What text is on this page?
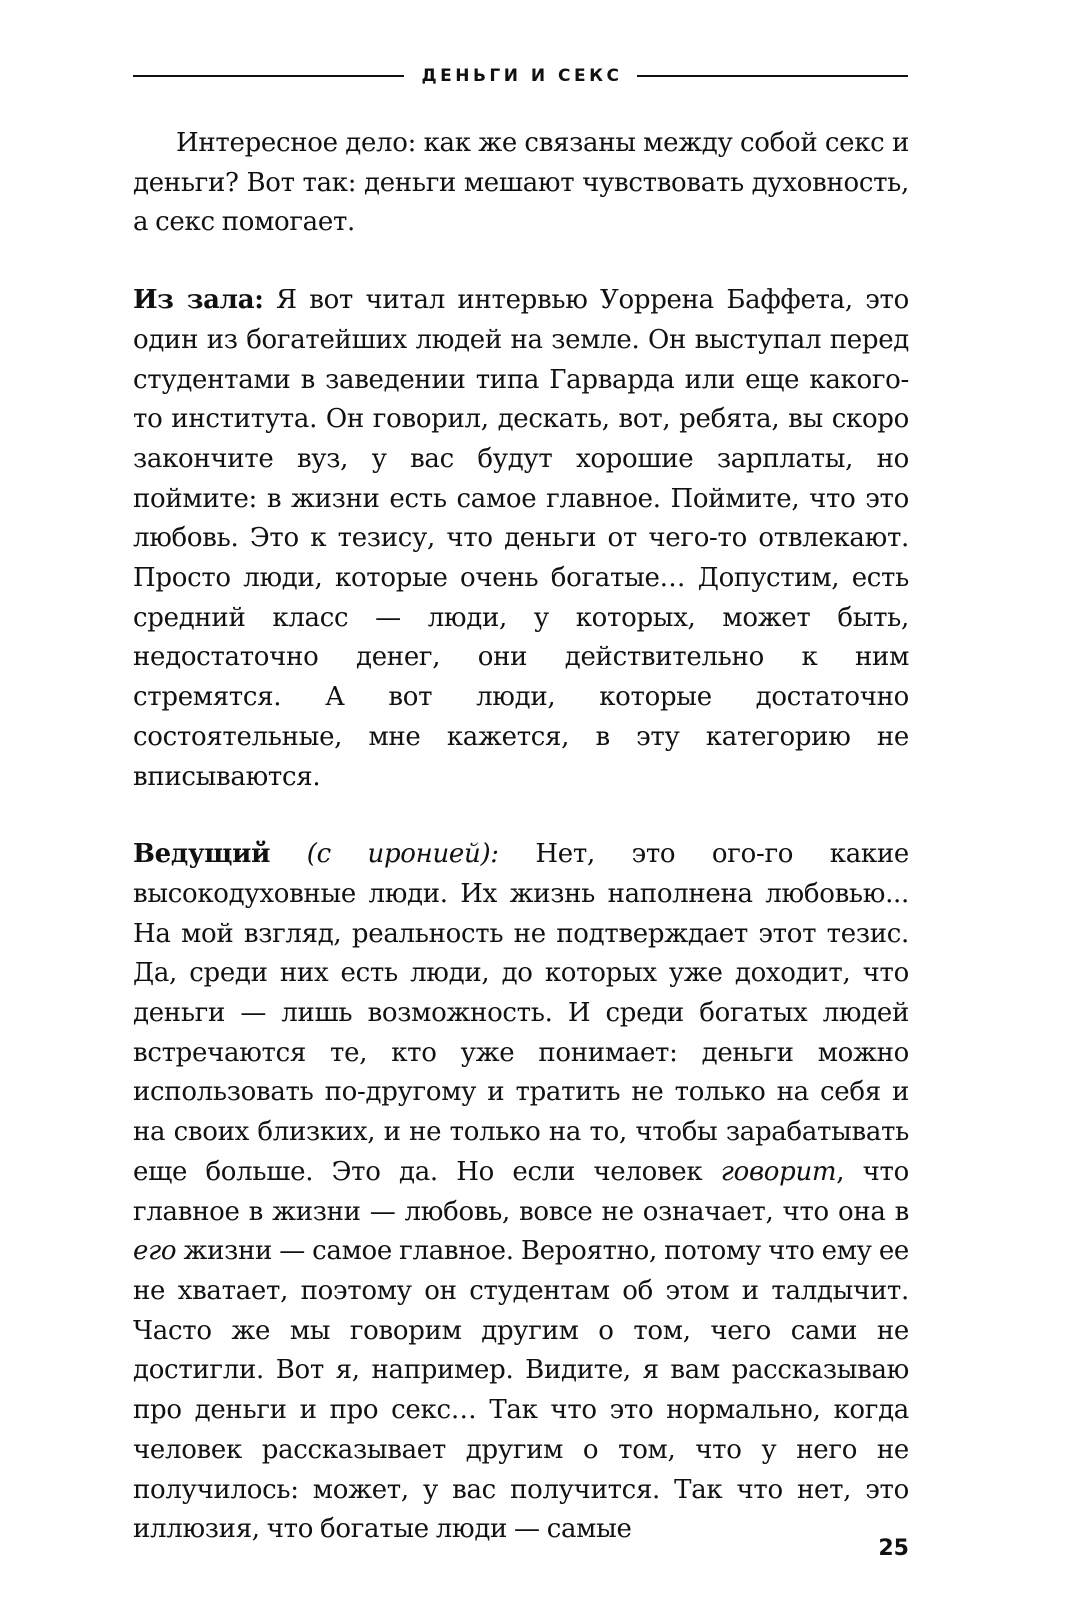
ДЕНЬГИ И СЕКС

Интересное дело: как же связаны между собой секс и деньги? Вот так: деньги мешают чувствовать духовность, а секс помогает.

Из зала: Я вот читал интервью Уоррена Баффета, это один из богатейших людей на земле. Он выступал перед студентами в заведении типа Гарварда или еще какого-то института. Он говорил, дескать, вот, ребята, вы скоро закончите вуз, у вас будут хорошие зарплаты, но поймите: в жизни есть самое главное. Поймите, что это любовь. Это к тезису, что деньги от чего-то отвлекают. Просто люди, которые очень богатые… Допустим, есть средний класс — люди, у которых, может быть, недостаточно денег, они действительно к ним стремятся. А вот люди, которые достаточно состоятельные, мне кажется, в эту категорию не вписываются.

Ведущий (с иронией): Нет, это ого-го какие высокодуховные люди. Их жизнь наполнена любовью... На мой взгляд, реальность не подтверждает этот тезис. Да, среди них есть люди, до которых уже доходит, что деньги — лишь возможность. И среди богатых людей встречаются те, кто уже понимает: деньги можно использовать по-другому и тратить не только на себя и на своих близких, и не только на то, чтобы зарабатывать еще больше. Это да. Но если человек говорит, что главное в жизни — любовь, вовсе не означает, что она в его жизни — самое главное. Вероятно, потому что ему ее не хватает, поэтому он студентам об этом и талдычит. Часто же мы говорим другим о том, чего сами не достигли. Вот я, например. Видите, я вам рассказываю про деньги и про секс… Так что это нормально, когда человек рассказывает другим о том, что у него не получилось: может, у вас получится. Так что нет, это иллюзия, что богатые люди — самые

25
